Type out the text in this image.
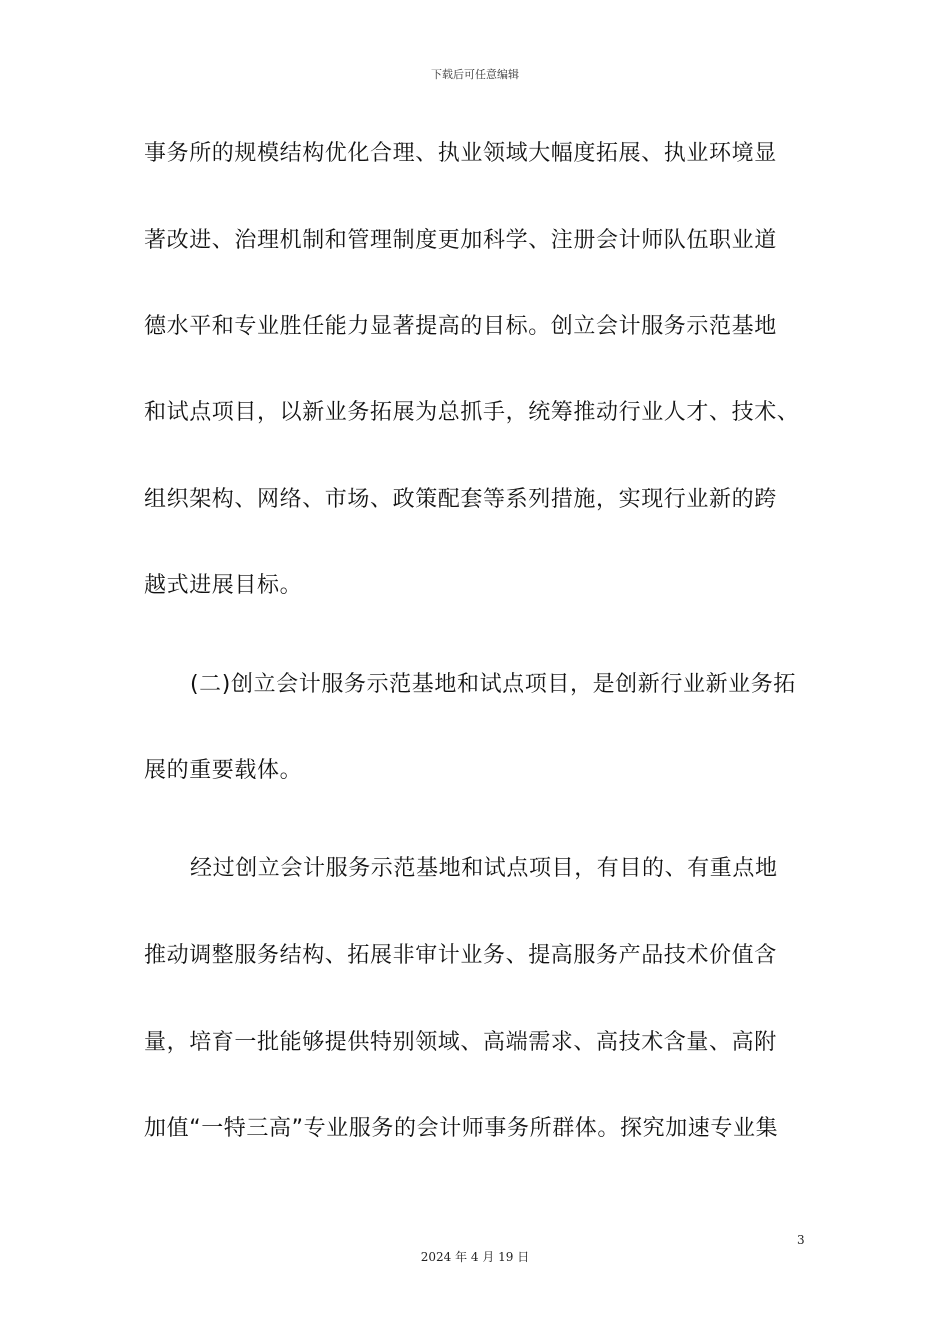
下载后可任意编辑
事务所的规模结构优化合理、执业领域大幅度拓展、执业环境显
著改进、治理机制和管理制度更加科学、注册会计师队伍职业道
德水平和专业胜任能力显著提高的目标。创立会计服务示范基地
和试点项目，以新业务拓展为总抓手，统筹推动行业人才、技术、
组织架构、网络、市场、政策配套等系列措施，实现行业新的跨
越式进展目标。
(二)创立会计服务示范基地和试点项目，是创新行业新业务拓
展的重要载体。
经过创立会计服务示范基地和试点项目，有目的、有重点地
推动调整服务结构、拓展非审计业务、提高服务产品技术价值含
量，培育一批能够提供特别领域、高端需求、高技术含量、高附
加值“一特三高”专业服务的会计师事务所群体。探究加速专业集
3
2024 年 4 月 19 日
